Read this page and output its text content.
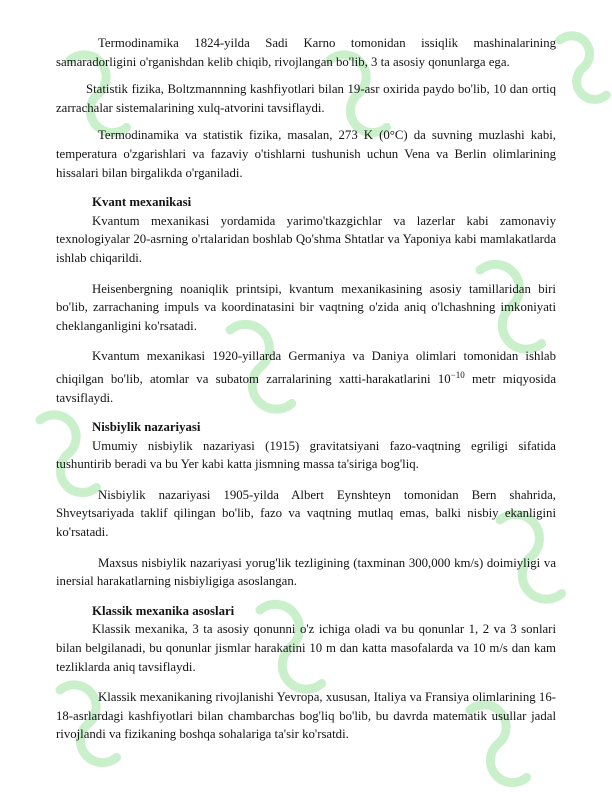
Termodinamika 1824-yilda Sadi Karno tomonidan issiqlik mashinalarining samaradorligini o'rganishdan kelib chiqib, rivojlangan bo'lib, 3 ta asosiy qonunlarga ega.

Statistik fizika, Boltzmannning kashfiyotlari bilan 19-asr oxirida paydo bo'lib, 10 dan ortiq zarrachalar sistemalarining xulq-atvorini tavsiflaydi.

Termodinamika va statistik fizika, masalan, 273 K (0°C) da suvning muzlashi kabi, temperatura o'zgarishlari va fazaviy o'tishlarni tushunish uchun Vena va Berlin olimlarining hissalari bilan birgalikda o'rganiladi.

Kvant mexanikasi

Kvantum mexanikasi yordamida yarimo'tkazgichlar va lazerlar kabi zamonaviy texnologiyalar 20-asrning o'rtalaridan boshlab Qo'shma Shtatlar va Yaponiya kabi mamlakatlarda ishlab chiqarildi.

Heisenbergning noaniqlik printsipi, kvantum mexanikasining asosiy tamillaridan biri bo'lib, zarrachaning impuls va koordinatasini bir vaqtning o'zida aniq o'lchashning imkoniyati cheklanganligini ko'rsatadi.

Kvantum mexanikasi 1920-yillarda Germaniya va Daniya olimlari tomonidan ishlab chiqilgan bo'lib, atomlar va subatom zarralarining xatti-harakatlarini $10^{-10}$ metr miqyosida tavsiflaydi.

Nisbiylik nazariyasi

Umumiy nisbiylik nazariyasi (1915) gravitatsiyani fazo-vaqtning egriligi sifatida tushuntirib beradi va bu Yer kabi katta jismning massa ta'siriga bog'liq.

Nisbiylik nazariyasi 1905-yilda Albert Eynshteyn tomonidan Bern shahrida, Shveytsariyada taklif qilingan bo'lib, fazo va vaqtning mutlaq emas, balki nisbiy ekanligini ko'rsatadi.

Maxsus nisbiylik nazariyasi yorug'lik tezligining (taxminan 300,000 km/s) doimiyligi va inersial harakatlarning nisbiyligiga asoslangan.

Klassik mexanika asoslari

Klassik mexanika, 3 ta asosiy qonunni o'z ichiga oladi va bu qonunlar 1, 2 va 3 sonlari bilan belgilanadi, bu qonunlar jismlar harakatini 10 m dan katta masofalarda va 10 m/s dan kam tezliklarda aniq tavsiflaydi.

Klassik mexanikaning rivojlanishi Yevropa, xususan, Italiya va Fransiya olimlarining 16-18-asrlardagi kashfiyotlari bilan chambarchas bog'liq bo'lib, bu davrda matematik usullar jadal rivojlandi va fizikaning boshqa sohalariga ta'sir ko'rsatdi.
